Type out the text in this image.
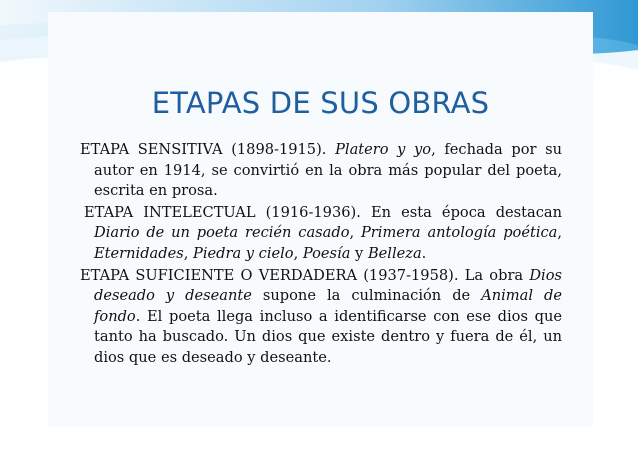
ETAPAS DE SUS OBRAS

ETAPA SENSITIVA (1898-1915). Platero y yo, fechada por su autor en 1914, se convirtió en la obra más popular del poeta, escrita en prosa.

ETAPA INTELECTUAL (1916-1936). En esta época destacan Diario de un poeta recién casado, Primera antología poética, Eternidades, Piedra y cielo, Poesía y Belleza.

ETAPA SUFICIENTE O VERDADERA (1937-1958). La obra Dios deseado y deseante supone la culminación de Animal de fondo. El poeta llega incluso a identificarse con ese dios que tanto ha buscado. Un dios que existe dentro y fuera de él, un dios que es deseado y deseante.
